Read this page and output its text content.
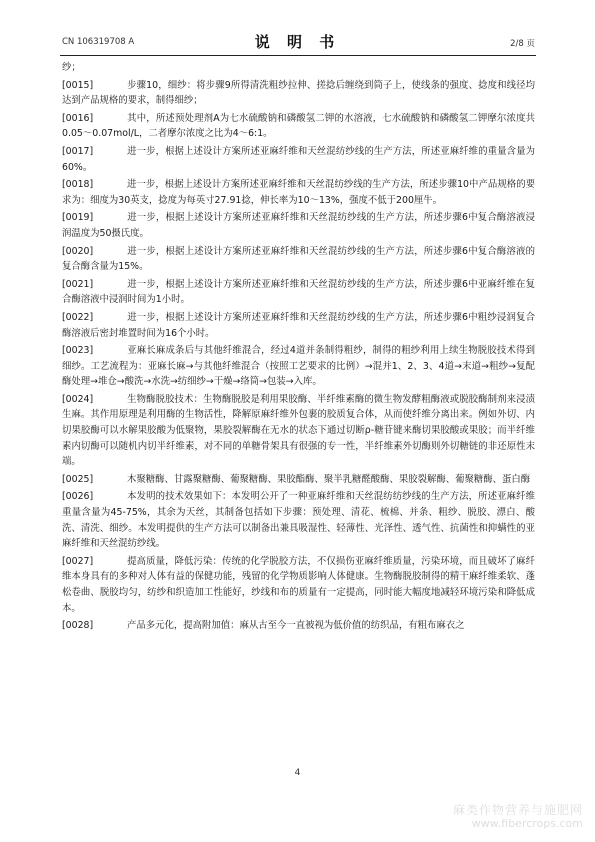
CN 106319708 A	说 明 书	2/8 页
纱；
[0015]	步骤10，细纱：将步骤9所得清洗粗纱拉伸、搓捻后缠绕到筒子上，使线条的强度、捻度和线径均达到产品规格的要求，制得细纱；
[0016]	其中，所述预处理剂A为七水硫酸钠和磷酸氢二钾的水溶液，七水硫酸钠和磷酸氢二钾摩尔浓度共0.05～0.07mol/L，二者摩尔浓度之比为4～6:1。
[0017]	进一步，根据上述设计方案所述亚麻纤维和天丝混纺纱线的生产方法，所述亚麻纤维的重量含量为60%。
[0018]	进一步，根据上述设计方案所述亚麻纤维和天丝混纺纱线的生产方法，所述步骤10中产品规格的要求为：细度为30英支，捻度为每英寸27.91捻，伸长率为10～13%，强度不低于200厘牛。
[0019]	进一步，根据上述设计方案所述亚麻纤维和天丝混纺纱线的生产方法，所述步骤6中复合酶溶液浸润温度为50摄氏度。
[0020]	进一步，根据上述设计方案所述亚麻纤维和天丝混纺纱线的生产方法，所述步骤6中复合酶溶液的复合酶含量为15%。
[0021]	进一步，根据上述设计方案所述亚麻纤维和天丝混纺纱线的生产方法，所述步骤6中亚麻纤维在复合酶溶液中浸润时间为1小时。
[0022]	进一步，根据上述设计方案所述亚麻纤维和天丝混纺纱线的生产方法，所述步骤6中粗纱浸润复合酶溶液后密封堆置时间为16个小时。
[0023]	亚麻长麻成条后与其他纤维混合，经过4道并条制得粗纱，制得的粗纱利用上续生物脱胶技术得到细纱。工艺流程为：亚麻长麻→与其他纤维混合（按照工艺要求的比例）→混并1、2、3、4道→末道→粗纱→复配酶处理→堆仓→酸洗→水洗→纺细纱→干燥→络筒→包装→入库。
[0024]	生物酶脱胶技术：生物酶脱胶是利用果胶酶、半纤维素酶的微生物发酵粗酶液或脱胶酶制剂来浸渍生麻。其作用原理是利用酶的生物活性，降解原麻纤维外包裹的胶质复合体，从而使纤维分离出来。例如外切、内切果胶酶可以水解果胶酸为低聚物，果胶裂解酶在无水的状态下通过切断ρ-糖苷键来酶切果胶酸或果胶；而半纤维素内切酶可以随机内切半纤维素，对不同的单糖骨架具有很强的专一性，半纤维素外切酶则外切糖链的非还原性末端。
[0025]	木聚糖酶、甘露聚糖酶、葡聚糖酶、果胶酯酶、聚半乳糖醛酸酶、果胶裂解酶、葡聚糖酶、蛋白酶
[0026]	本发明的技术效果如下：本发明公开了一种亚麻纤维和天丝混纺纺纱线的生产方法，所述亚麻纤维重量含量为45-75%，其余为天丝，其制备包括如下步骤：预处理、清花、梳棉、并条、粗纱、脱胶、漂白、酸洗、清洗、细纱。本发明提供的生产方法可以制备出兼具吸湿性、轻薄性、光泽性、透气性、抗菌性和抑螨性的亚麻纤维和天丝混纺纱线。
[0027]	提高质量，降低污染：传统的化学脱胶方法，不仅损伤亚麻纤维质量，污染环境，而且破坏了麻纤维本身具有的多种对人体有益的保健功能，残留的化学物质影响人体健康。生物酶脱胶制得的精干麻纤维柔软、蓬松卷曲、脱胶均匀，纺纱和织造加工性能好，纱线和布的质量有一定提高，同时能大幅度地减轻环境污染和降低成本。
[0028]	产品多元化，提高附加值：麻从古至今一直被视为低价值的纺织品，有粗布麻衣之
4
麻类作物营养与施肥网
www.fibercrops.com
